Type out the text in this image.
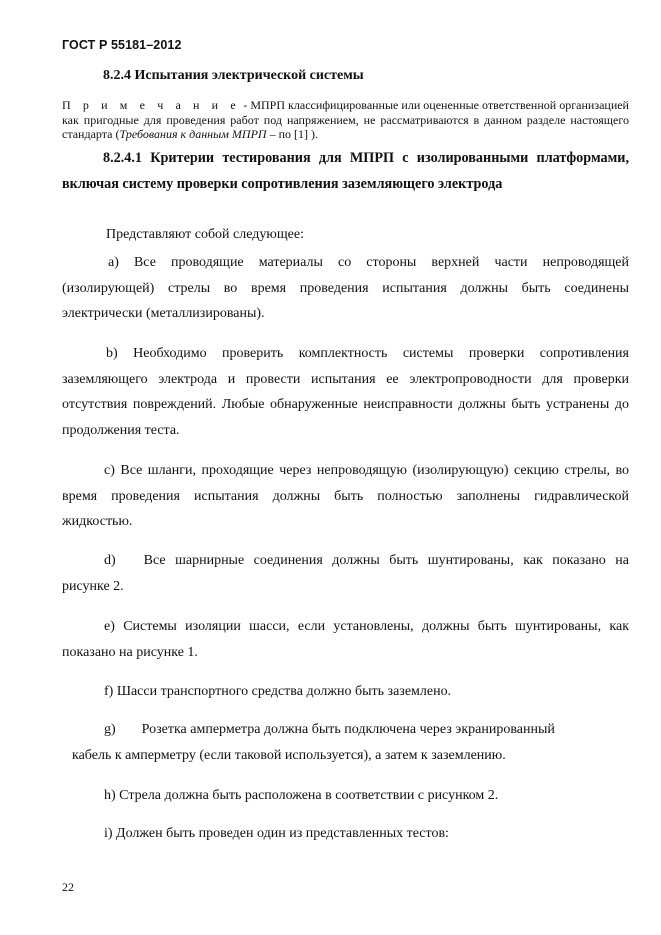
ГОСТ Р 55181–2012
8.2.4 Испытания электрической системы
П р и м е ч а н и е - МПРП классифицированные или оцененные ответственной организацией как пригодные для проведения работ под напряжением, не рассматриваются в данном разделе настоящего стандарта (Требования к данным МПРП – по [1] ).
8.2.4.1 Критерии тестирования для МПРП с изолированными платформами, включая систему проверки сопротивления заземляющего электрода
Представляют собой следующее:
а) Все проводящие материалы со стороны верхней части непроводящей (изолирующей) стрелы во время проведения испытания должны быть соединены электрически (металлизированы).
b) Необходимо проверить комплектность системы проверки сопротивления заземляющего электрода и провести испытания ее электропроводности для проверки отсутствия повреждений. Любые обнаруженные неисправности должны быть устранены до продолжения теста.
c) Все шланги, проходящие через непроводящую (изолирующую) секцию стрелы, во время проведения испытания должны быть полностью заполнены гидравлической жидкостью.
d) Все шарнирные соединения должны быть шунтированы, как показано на рисунке 2.
e) Системы изоляции шасси, если установлены, должны быть шунтированы, как показано на рисунке 1.
f) Шасси транспортного средства должно быть заземлено.
g) Розетка амперметра должна быть подключена через экранированный
кабель к амперметру (если таковой используется), а затем к заземлению.
h) Стрела должна быть расположена в соответствии с рисунком 2.
i) Должен быть проведен один из представленных тестов:
22
